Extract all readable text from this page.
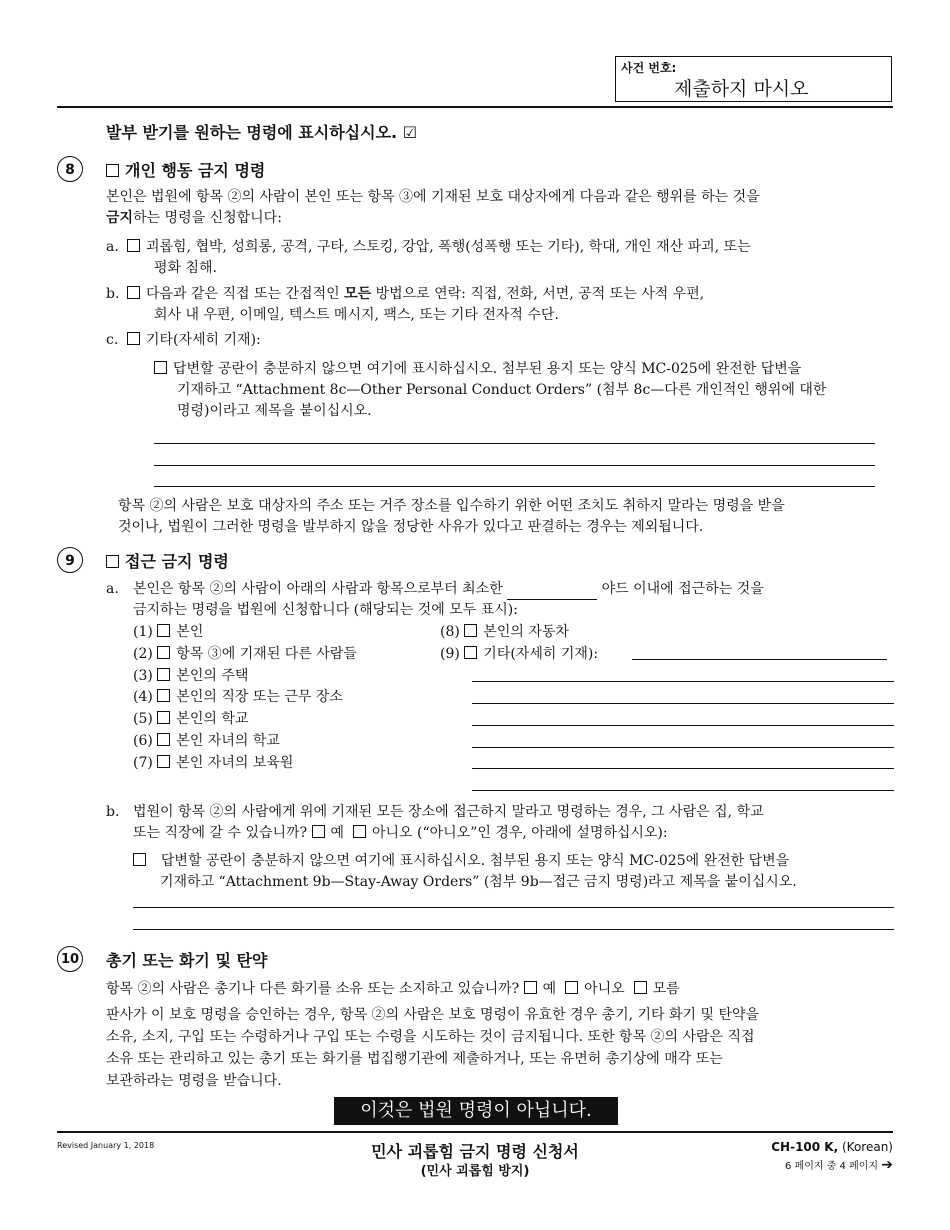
사건 번호:
제출하지 마시오
발부 받기를 원하는 명령에 표시하십시오. ☑
8	개인 행동 금지 명령
본인은 법원에 항목 ②의 사람이 본인 또는 항목 ③에 기재된 보호 대상자에게 다음과 같은 행위를 하는 것을
금지하는 명령을 신청합니다:
a.	괴롭힘, 협박, 성희롱, 공격, 구타, 스토킹, 강압, 폭행(성폭행 또는 기타), 학대, 개인 재산 파괴, 또는
평화 침해.
b.	다음과 같은 직접 또는 간접적인 모든 방법으로 연락: 직접, 전화, 서면, 공적 또는 사적 우편,
회사 내 우편, 이메일, 텍스트 메시지, 팩스, 또는 기타 전자적 수단.
c.	기타(자세히 기재):
답변할 공란이 충분하지 않으면 여기에 표시하십시오. 첨부된 용지 또는 양식 MC-025에 완전한 답변을
기재하고 “Attachment 8c—Other Personal Conduct Orders” (첨부 8c—다른 개인적인 행위에 대한
명령)이라고 제목을 붙이십시오.
항목 ②의 사람은 보호 대상자의 주소 또는 거주 장소를 입수하기 위한 어떤 조치도 취하지 말라는 명령을 받을
것이나, 법원이 그러한 명령을 발부하지 않을 정당한 사유가 있다고 판결하는 경우는 제외됩니다.
9	접근 금지 명령
a. 본인은 항목 ②의 사람이 아래의 사람과 항목으로부터 최소한	야드 이내에 접근하는 것을
금지하는 명령을 법원에 신청합니다 (해당되는 것에 모두 표시):
(1) 본인
(2) 항목 ③에 기재된 다른 사람들
(3) 본인의 주택
(4) 본인의 직장 또는 근무 장소
(5) 본인의 학교
(6) 본인 자녀의 학교
(7) 본인 자녀의 보육원
(8) 본인의 자동차
(9) 기타(자세히 기재):
b. 법원이 항목 ②의 사람에게 위에 기재된 모든 장소에 접근하지 말라고 명령하는 경우, 그 사람은 집, 학교
또는 직장에 갈 수 있습니까? 예 아니오 (“아니오”인 경우, 아래에 설명하십시오):
답변할 공란이 충분하지 않으면 여기에 표시하십시오. 첨부된 용지 또는 양식 MC-025에 완전한 답변을
기재하고 “Attachment 9b—Stay-Away Orders” (첨부 9b—접근 금지 명령)라고 제목을 붙이십시오.
10 총기 또는 화기 및 탄약
항목 ②의 사람은 총기나 다른 화기를 소유 또는 소지하고 있습니까? 예 아니오 모름
판사가 이 보호 명령을 승인하는 경우, 항목 ②의 사람은 보호 명령이 유효한 경우 총기, 기타 화기 및 탄약을
소유, 소지, 구입 또는 수령하거나 구입 또는 수령을 시도하는 것이 금지됩니다. 또한 항목 ②의 사람은 직접
소유 또는 관리하고 있는 총기 또는 화기를 법집행기관에 제출하거나, 또는 유면허 총기상에 매각 또는
보관하라는 명령을 받습니다.
이것은 법원 명령이 아닙니다.
Revised January 1, 2018	민사 괴롭힘 금지 명령 신청서
(민사 괴롭힘 방지)
CH-100 K, (Korean)
6 페이지 중 4 페이지 ➔
